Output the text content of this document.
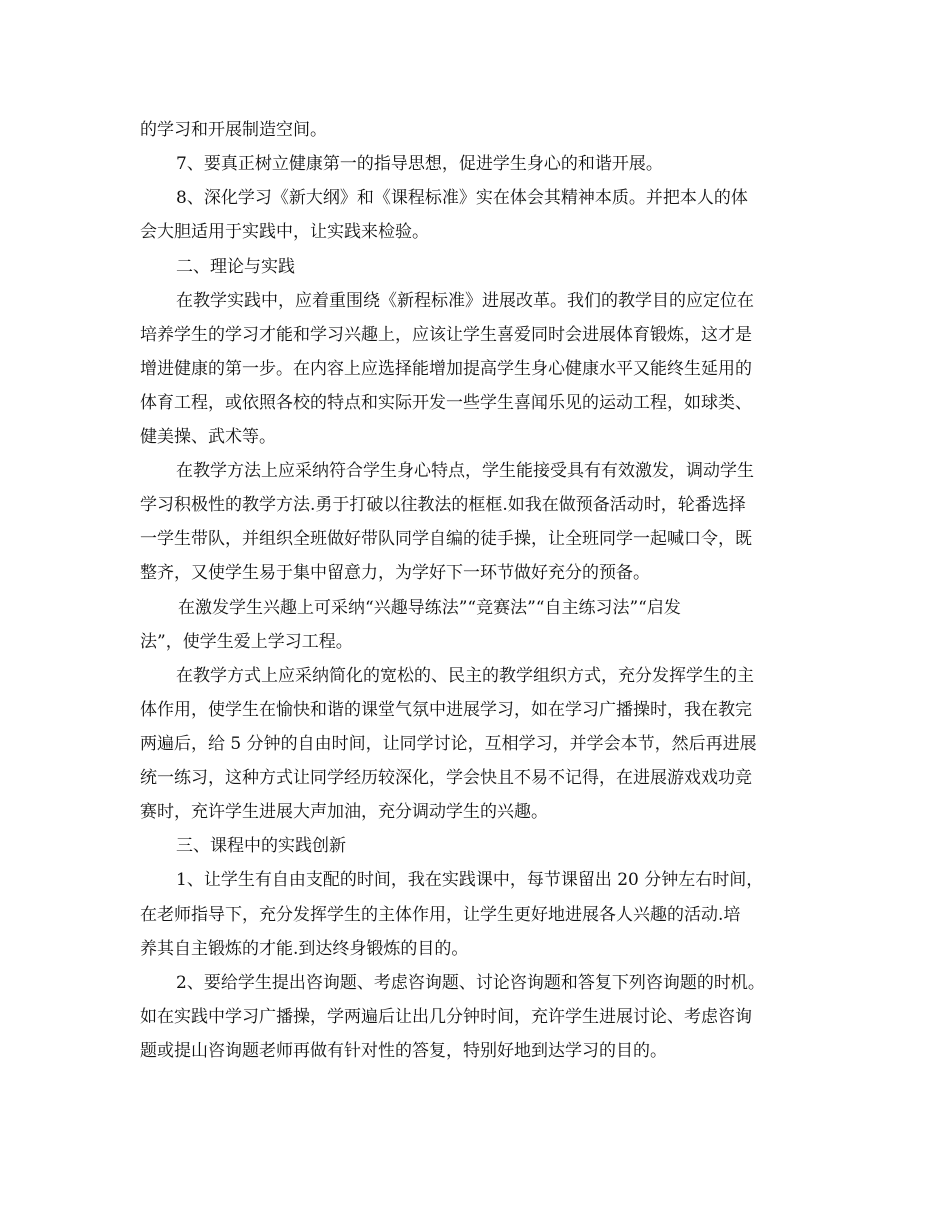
的学习和开展制造空间。

7、要真正树立健康第一的指导思想，促进学生身心的和谐开展。

8、深化学习《新大纲》和《课程标准》实在体会其精神本质。并把本人的体

会大胆适用于实践中，让实践来检验。

二、理论与实践

在教学实践中，应着重围绕《新程标准》进展改革。我们的教学目的应定位在

培养学生的学习才能和学习兴趣上，应该让学生喜爱同时会进展体育锻炼，这才是

增进健康的第一步。在内容上应选择能增加提高学生身心健康水平又能终生延用的

体育工程，或依照各校的特点和实际开发一些学生喜闻乐见的运动工程，如球类、

健美操、武术等。

在教学方法上应采纳符合学生身心特点，学生能接受具有有效激发，调动学生

学习积极性的教学方法.勇于打破以往教法的框框.如我在做预备活动时，轮番选择

一学生带队，并组织全班做好带队同学自编的徒手操，让全班同学一起喊口令，既

整齐，又使学生易于集中留意力，为学好下一环节做好充分的预备。

在激发学生兴趣上可采纳“兴趣导练法”“竞赛法”“自主练习法”“启发

法”，使学生爱上学习工程。

在教学方式上应采纳简化的宽松的、民主的教学组织方式，充分发挥学生的主

体作用，使学生在愉快和谐的课堂气氛中进展学习，如在学习广播操时，我在教完

两遍后，给 5 分钟的自由时间，让同学讨论，互相学习，并学会本节，然后再进展

统一练习，这种方式让同学经历较深化，学会快且不易不记得，在进展游戏戏功竞

赛时，充许学生进展大声加油，充分调动学生的兴趣。

三、课程中的实践创新

1、让学生有自由支配的时间，我在实践课中，每节课留出 20 分钟左右时间，

在老师指导下，充分发挥学生的主体作用，让学生更好地进展各人兴趣的活动.培

养其自主锻炼的才能.到达终身锻炼的目的。

2、要给学生提出咨询题、考虑咨询题、讨论咨询题和答复下列咨询题的时机。

如在实践中学习广播操，学两遍后让出几分钟时间，充许学生进展讨论、考虑咨询

题或提山咨询题老师再做有针对性的答复，特别好地到达学习的目的。
